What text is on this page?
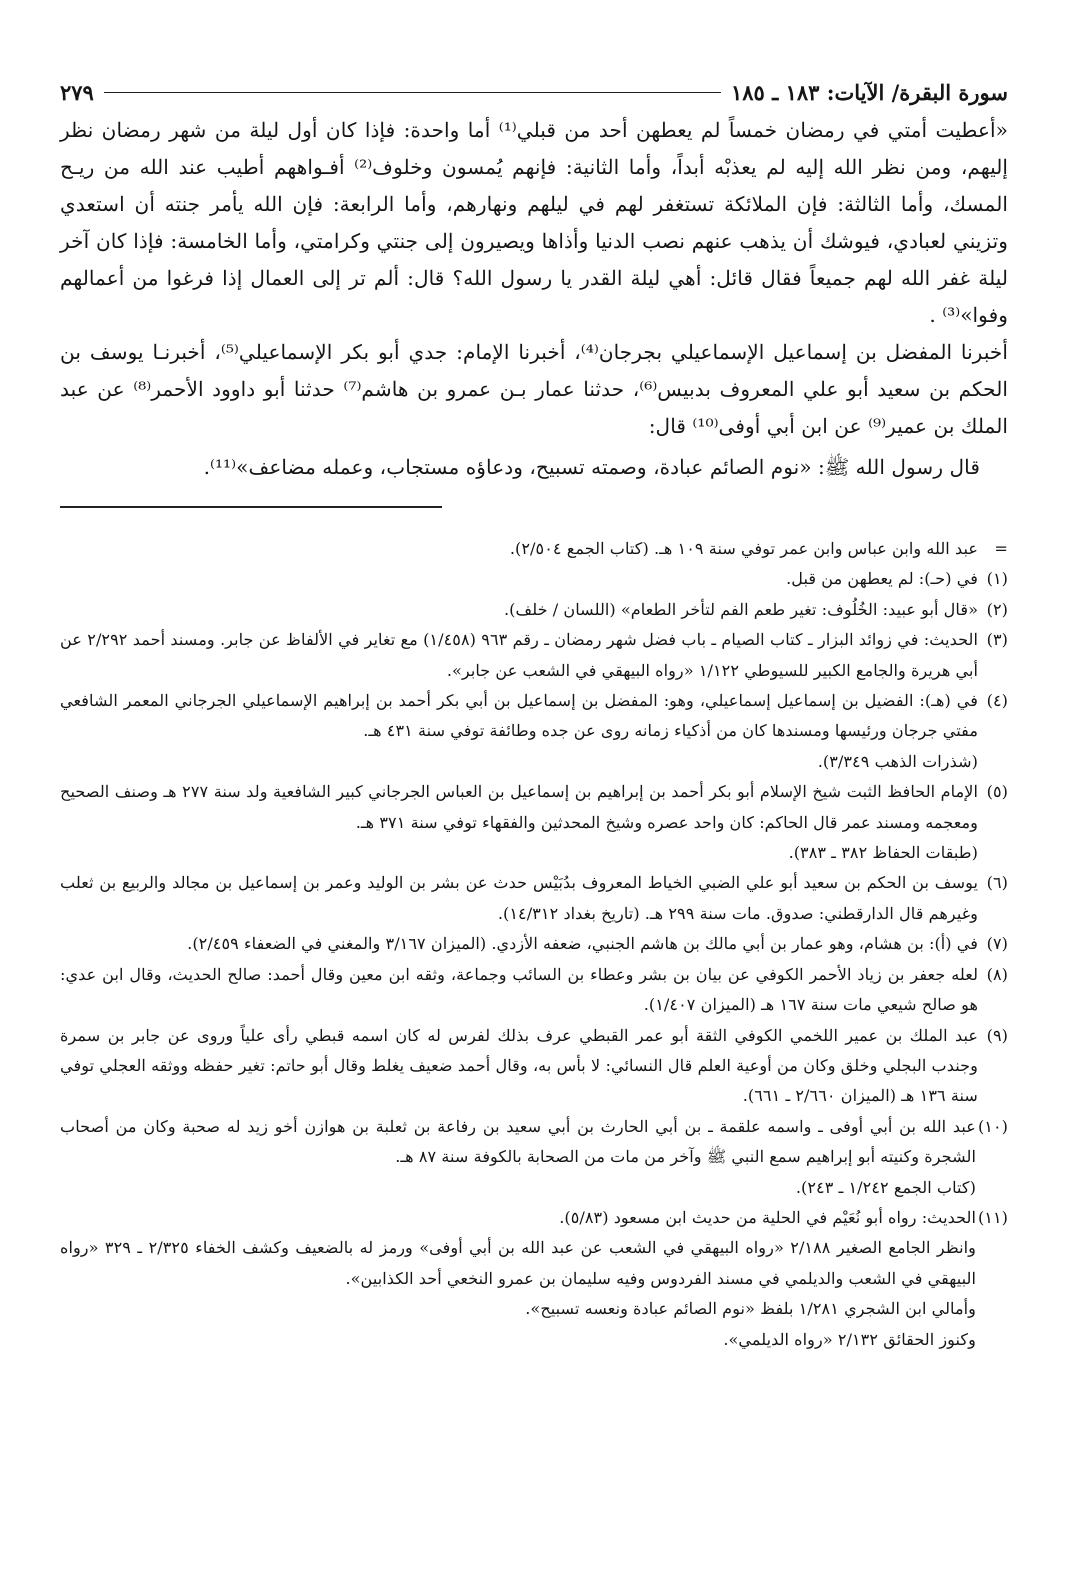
سورة البقرة/ الآيات: ١٨٣ ـ ١٨٥
٢٧٩

«أعطيت أمتي في رمضان خمساً لم يعطهن أحد من قبلي⁽¹⁾ أما واحدة: فإذا كان أول ليلة من شهر رمضان نظر إليهم، ومن نظر الله إليه لم يعذبْه أبداً، وأما الثانية: فإنهم يُمسون وخلوف⁽²⁾ أفـواههم أطيب عند الله من ريـح المسك، وأما الثالثة: فإن الملائكة تستغفر لهم في ليلهم ونهارهم، وأما الرابعة: فإن الله يأمر جنته أن استعدي وتزيني لعبادي، فيوشك أن يذهب عنهم نصب الدنيا وأذاها ويصيرون إلى جنتي وكرامتي، وأما الخامسة: فإذا كان آخر ليلة غفر الله لهم جميعاً فقال قائل: أهي ليلة القدر يا رسول الله؟ قال: ألم تر إلى العمال إذا فرغوا من أعمالهم وفوا»⁽³⁾ .

أخبرنا المفضل بن إسماعيل الإسماعيلي بجرجان⁽⁴⁾، أخبرنا الإمام: جدي أبو بكر الإسماعيلي⁽⁵⁾، أخبرنـا يوسف بن الحكم بن سعيد أبو علي المعروف بدبيس⁽⁶⁾، حدثنا عمار بـن عمرو بن هاشم⁽⁷⁾ حدثنا أبو داوود الأحمر⁽⁸⁾ عن عبد الملك بن عمير⁽⁹⁾ عن ابن أبي أوفى⁽¹⁰⁾ قال:

قال رسول الله ﷺ: «نوم الصائم عبادة، وصمته تسبيح، ودعاؤه مستجاب، وعمله مضاعف»⁽¹¹⁾.

=
عبد الله وابن عباس وابن عمر توفي سنة ١٠٩ هـ. (كتاب الجمع ٢/٥٠٤).
(١)
في (حـ): لم يعطهن من قبل.
(٢)
«قال أبو عبيد: الخُلُوف: تغير طعم الفم لتأخر الطعام» (اللسان / خلف).
(٣)
الحديث: في زوائد البزار ـ كتاب الصيام ـ باب فضل شهر رمضان ـ رقم ٩٦٣ (١/٤٥٨) مع تغاير في الألفاظ عن جابر. ومسند أحمد ٢/٢٩٢ عن أبي هريرة والجامع الكبير للسيوطي ١/١٢٢ «رواه البيهقي في الشعب عن جابر».
(٤)
في (هـ): الفضيل بن إسماعيل إسماعيلي، وهو: المفضل بن إسماعيل بن أبي بكر أحمد بن إبراهيم الإسماعيلي الجرجاني المعمر الشافعي مفتي جرجان ورئيسها ومسندها كان من أذكياء زمانه روى عن جده وطائفة توفي سنة ٤٣١ هـ.
(شذرات الذهب ٣/٣٤٩).
(٥)
الإمام الحافظ الثبت شيخ الإسلام أبو بكر أحمد بن إبراهيم بن إسماعيل بن العباس الجرجاني كبير الشافعية ولد سنة ٢٧٧ هـ وصنف الصحيح ومعجمه ومسند عمر قال الحاكم: كان واحد عصره وشيخ المحدثين والفقهاء توفي سنة ٣٧١ هـ.
(طبقات الحفاظ ٣٨٢ ـ ٣٨٣).
(٦)
يوسف بن الحكم بن سعيد أبو علي الضبي الخياط المعروف بدُبَيْس حدث عن بشر بن الوليد وعمر بن إسماعيل بن مجالد والربيع بن ثعلب وغيرهم قال الدارقطني: صدوق. مات سنة ٢٩٩ هـ. (تاريخ بغداد ١٤/٣١٢).
(٧)
في (أ): بن هشام، وهو عمار بن أبي مالك بن هاشم الجنبي، ضعفه الأزدي. (الميزان ٣/١٦٧ والمغني في الضعفاء ٢/٤٥٩).
(٨)
لعله جعفر بن زياد الأحمر الكوفي عن بيان بن بشر وعطاء بن السائب وجماعة، وثقه ابن معين وقال أحمد: صالح الحديث، وقال ابن عدي: هو صالح شيعي مات سنة ١٦٧ هـ (الميزان ١/٤٠٧).
(٩)
عبد الملك بن عمير اللخمي الكوفي الثقة أبو عمر القبطي عرف بذلك لفرس له كان اسمه قبطي رأى علياً وروى عن جابر بن سمرة وجندب البجلي وخلق وكان من أوعية العلم قال النسائي: لا بأس به، وقال أحمد ضعيف يغلط وقال أبو حاتم: تغير حفظه ووثقه العجلي توفي سنة ١٣٦ هـ (الميزان ٢/٦٦٠ ـ ٦٦١).
(١٠)
عبد الله بن أبي أوفى ـ واسمه علقمة ـ بن أبي الحارث بن أبي سعيد بن رفاعة بن ثعلبة بن هوازن أخو زيد له صحبة وكان من أصحاب الشجرة وكنيته أبو إبراهيم سمع النبي ﷺ وآخر من مات من الصحابة بالكوفة سنة ٨٧ هـ.
(كتاب الجمع ١/٢٤٢ ـ ٢٤٣).
(١١)
الحديث: رواه أبو نُعَيْم في الحلية من حديث ابن مسعود (٥/٨٣).
وانظر الجامع الصغير ٢/١٨٨ «رواه البيهقي في الشعب عن عبد الله بن أبي أوفى» ورمز له بالضعيف وكشف الخفاء ٢/٣٢٥ ـ ٣٢٩ «رواه البيهقي في الشعب والديلمي في مسند الفردوس وفيه سليمان بن عمرو النخعي أحد الكذابين».
وأمالي ابن الشجري ١/٢٨١ بلفظ «نوم الصائم عبادة ونعسه تسبيح».
وكنوز الحقائق ٢/١٣٢ «رواه الديلمي».
